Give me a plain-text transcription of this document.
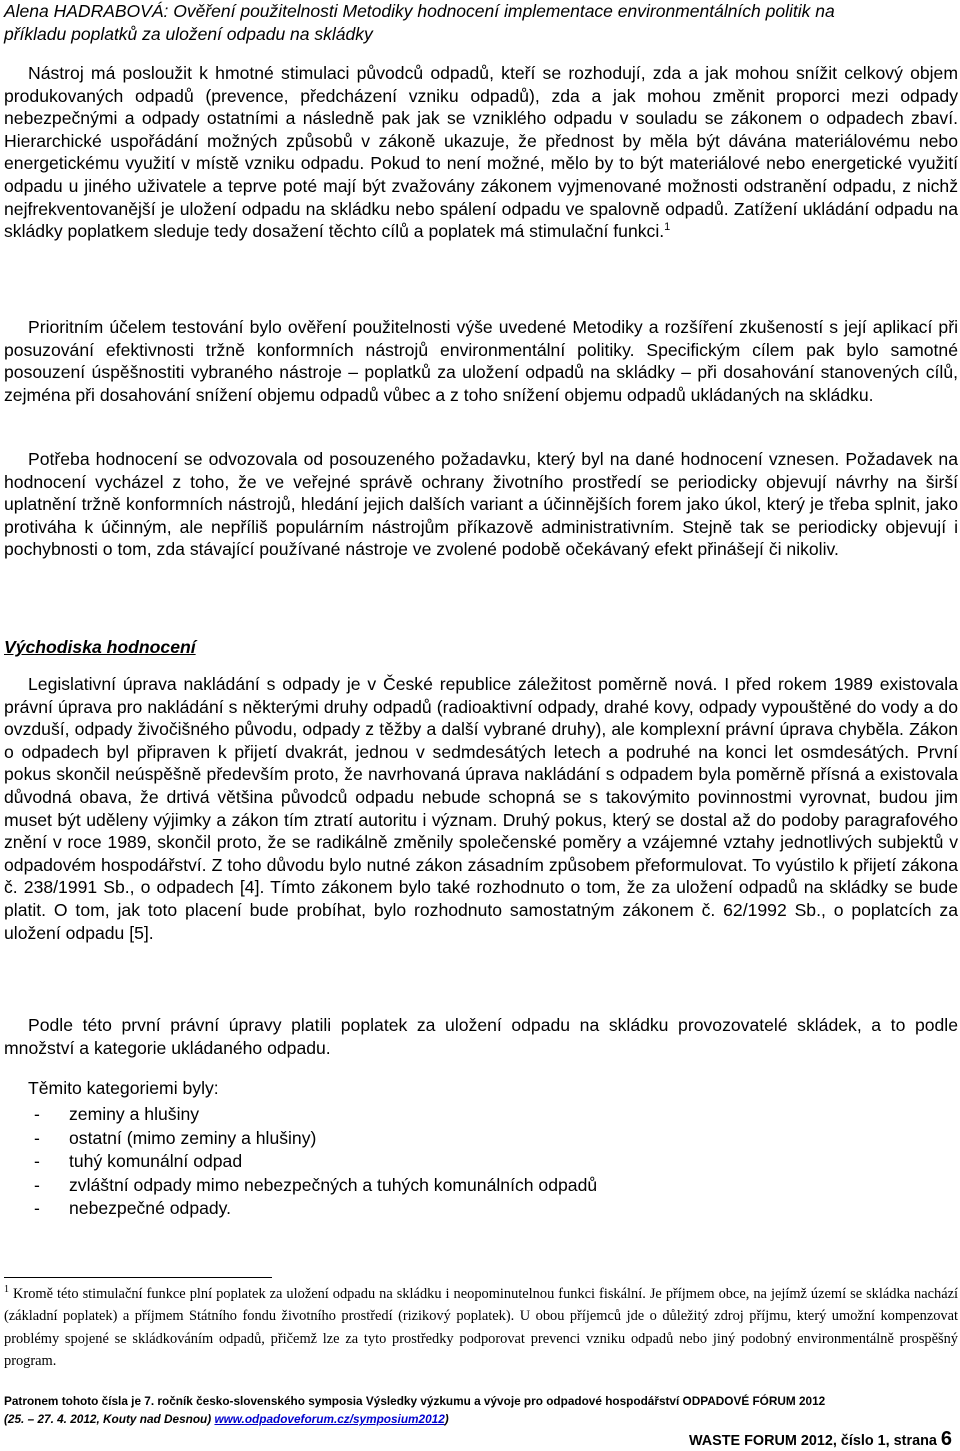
Alena HADRABOVÁ: Ověření použitelnosti Metodiky hodnocení implementace environmentálních politik na
příkladu poplatků za uložení odpadu na skládky

Nástroj má posloužit k hmotné stimulaci původců odpadů, kteří se rozhodují, zda a jak mohou snížit celkový objem produkovaných odpadů (prevence, předcházení vzniku odpadů), zda a jak mohou změnit proporci mezi odpady nebezpečnými a odpady ostatními a následně pak jak se vzniklého odpadu v souladu se zákonem o odpadech zbaví. Hierarchické uspořádání možných způsobů v zákoně ukazuje, že přednost by měla být dávána materiálovému nebo energetickému využití v místě vzniku odpadu. Pokud to není možné, mělo by to být materiálové nebo energetické využití odpadu u jiného uživatele a teprve poté mají být zvažovány zákonem vyjmenované možnosti odstranění odpadu, z nichž nejfrekventovanější je uložení odpadu na skládku nebo spálení odpadu ve spalovně odpadů. Zatížení ukládání odpadu na skládky poplatkem sleduje tedy dosažení těchto cílů a poplatek má stimulační funkci.$^1$

Prioritním účelem testování bylo ověření použitelnosti výše uvedené Metodiky a rozšíření zkušeností s její aplikací při posuzování efektivnosti tržně konformních nástrojů environmentální politiky. Specifickým cílem pak bylo samotné posouzení úspěšnostiti vybraného nástroje – poplatků za uložení odpadů na skládky – při dosahování stanovených cílů, zejména při dosahování snížení objemu odpadů vůbec a z toho snížení objemu odpadů ukládaných na skládku.

Potřeba hodnocení se odvozovala od posouzeného požadavku, který byl na dané hodnocení vznesen. Požadavek na hodnocení vycházel z toho, že ve veřejné správě ochrany životního prostředí se periodicky objevují návrhy na širší uplatnění tržně konformních nástrojů, hledání jejich dalších variant a účinnějších forem jako úkol, který je třeba splnit, jako protiváha k účinným, ale nepříliš populárním nástrojům příkazově administrativním. Stejně tak se periodicky objevují i pochybnosti o tom, zda stávající používané nástroje ve zvolené podobě očekávaný efekt přinášejí či nikoliv.

Východiska hodnocení

Legislativní úprava nakládání s odpady je v České republice záležitost poměrně nová. I před rokem 1989 existovala právní úprava pro nakládání s některými druhy odpadů (radioaktivní odpady, drahé kovy, odpady vypouštěné do vody a do ovzduší, odpady živočišného původu, odpady z těžby a další vybrané druhy), ale komplexní právní úprava chyběla. Zákon o odpadech byl připraven k přijetí dvakrát, jednou v sedmdesátých letech a podruhé na konci let osmdesátých. První pokus skončil neúspěšně především proto, že navrhovaná úprava nakládání s odpadem byla poměrně přísná a existovala důvodná obava, že drtivá většina původců odpadu nebude schopná se s takovýmito povinnostmi vyrovnat, budou jim muset být uděleny výjimky a zákon tím ztratí autoritu i význam. Druhý pokus, který se dostal až do podoby paragrafového znění v roce 1989, skončil proto, že se radikálně změnily společenské poměry a vzájemné vztahy jednotlivých subjektů v odpadovém hospodářství. Z toho důvodu bylo nutné zákon zásadním způsobem přeformulovat. To vyústilo k přijetí zákona č. 238/1991 Sb., o odpadech [4]. Tímto zákonem bylo také rozhodnuto o tom, že za uložení odpadů na skládky se bude platit. O tom, jak toto placení bude probíhat, bylo rozhodnuto samostatným zákonem č. 62/1992 Sb., o poplatcích za uložení odpadu [5].

Podle této první právní úpravy platili poplatek za uložení odpadu na skládku provozovatelé skládek, a to podle množství a kategorie ukládaného odpadu.

Těmito kategoriemi byly:

-	zeminy a hlušiny
-	ostatní (mimo zeminy a hlušiny)
-	tuhý komunální odpad
-	zvláštní odpady mimo nebezpečných a tuhých komunálních odpadů
-	nebezpečné odpady.
$^1$ Kromě této stimulační funkce plní poplatek za uložení odpadu na skládku i neopominutelnou funkci fiskální. Je příjmem obce, na jejímž území se skládka nachází (základní poplatek) a příjmem Státního fondu životního prostředí (rizikový poplatek). U obou příjemců jde o důležitý zdroj příjmu, který umožní kompenzovat problémy spojené se skládkováním odpadů, přičemž lze za tyto prostředky podporovat prevenci vzniku odpadů nebo jiný podobný environmentálně prospěšný program.
Patronem tohoto čísla je 7. ročník česko-slovenského symposia Výsledky výzkumu a vývoje pro odpadové hospodářství ODPADOVÉ FÓRUM 2012
(25. – 27. 4. 2012, Kouty nad Desnou) www.odpadoveforum.cz/symposium2012)
WASTE FORUM 2012, číslo 1, strana 6
